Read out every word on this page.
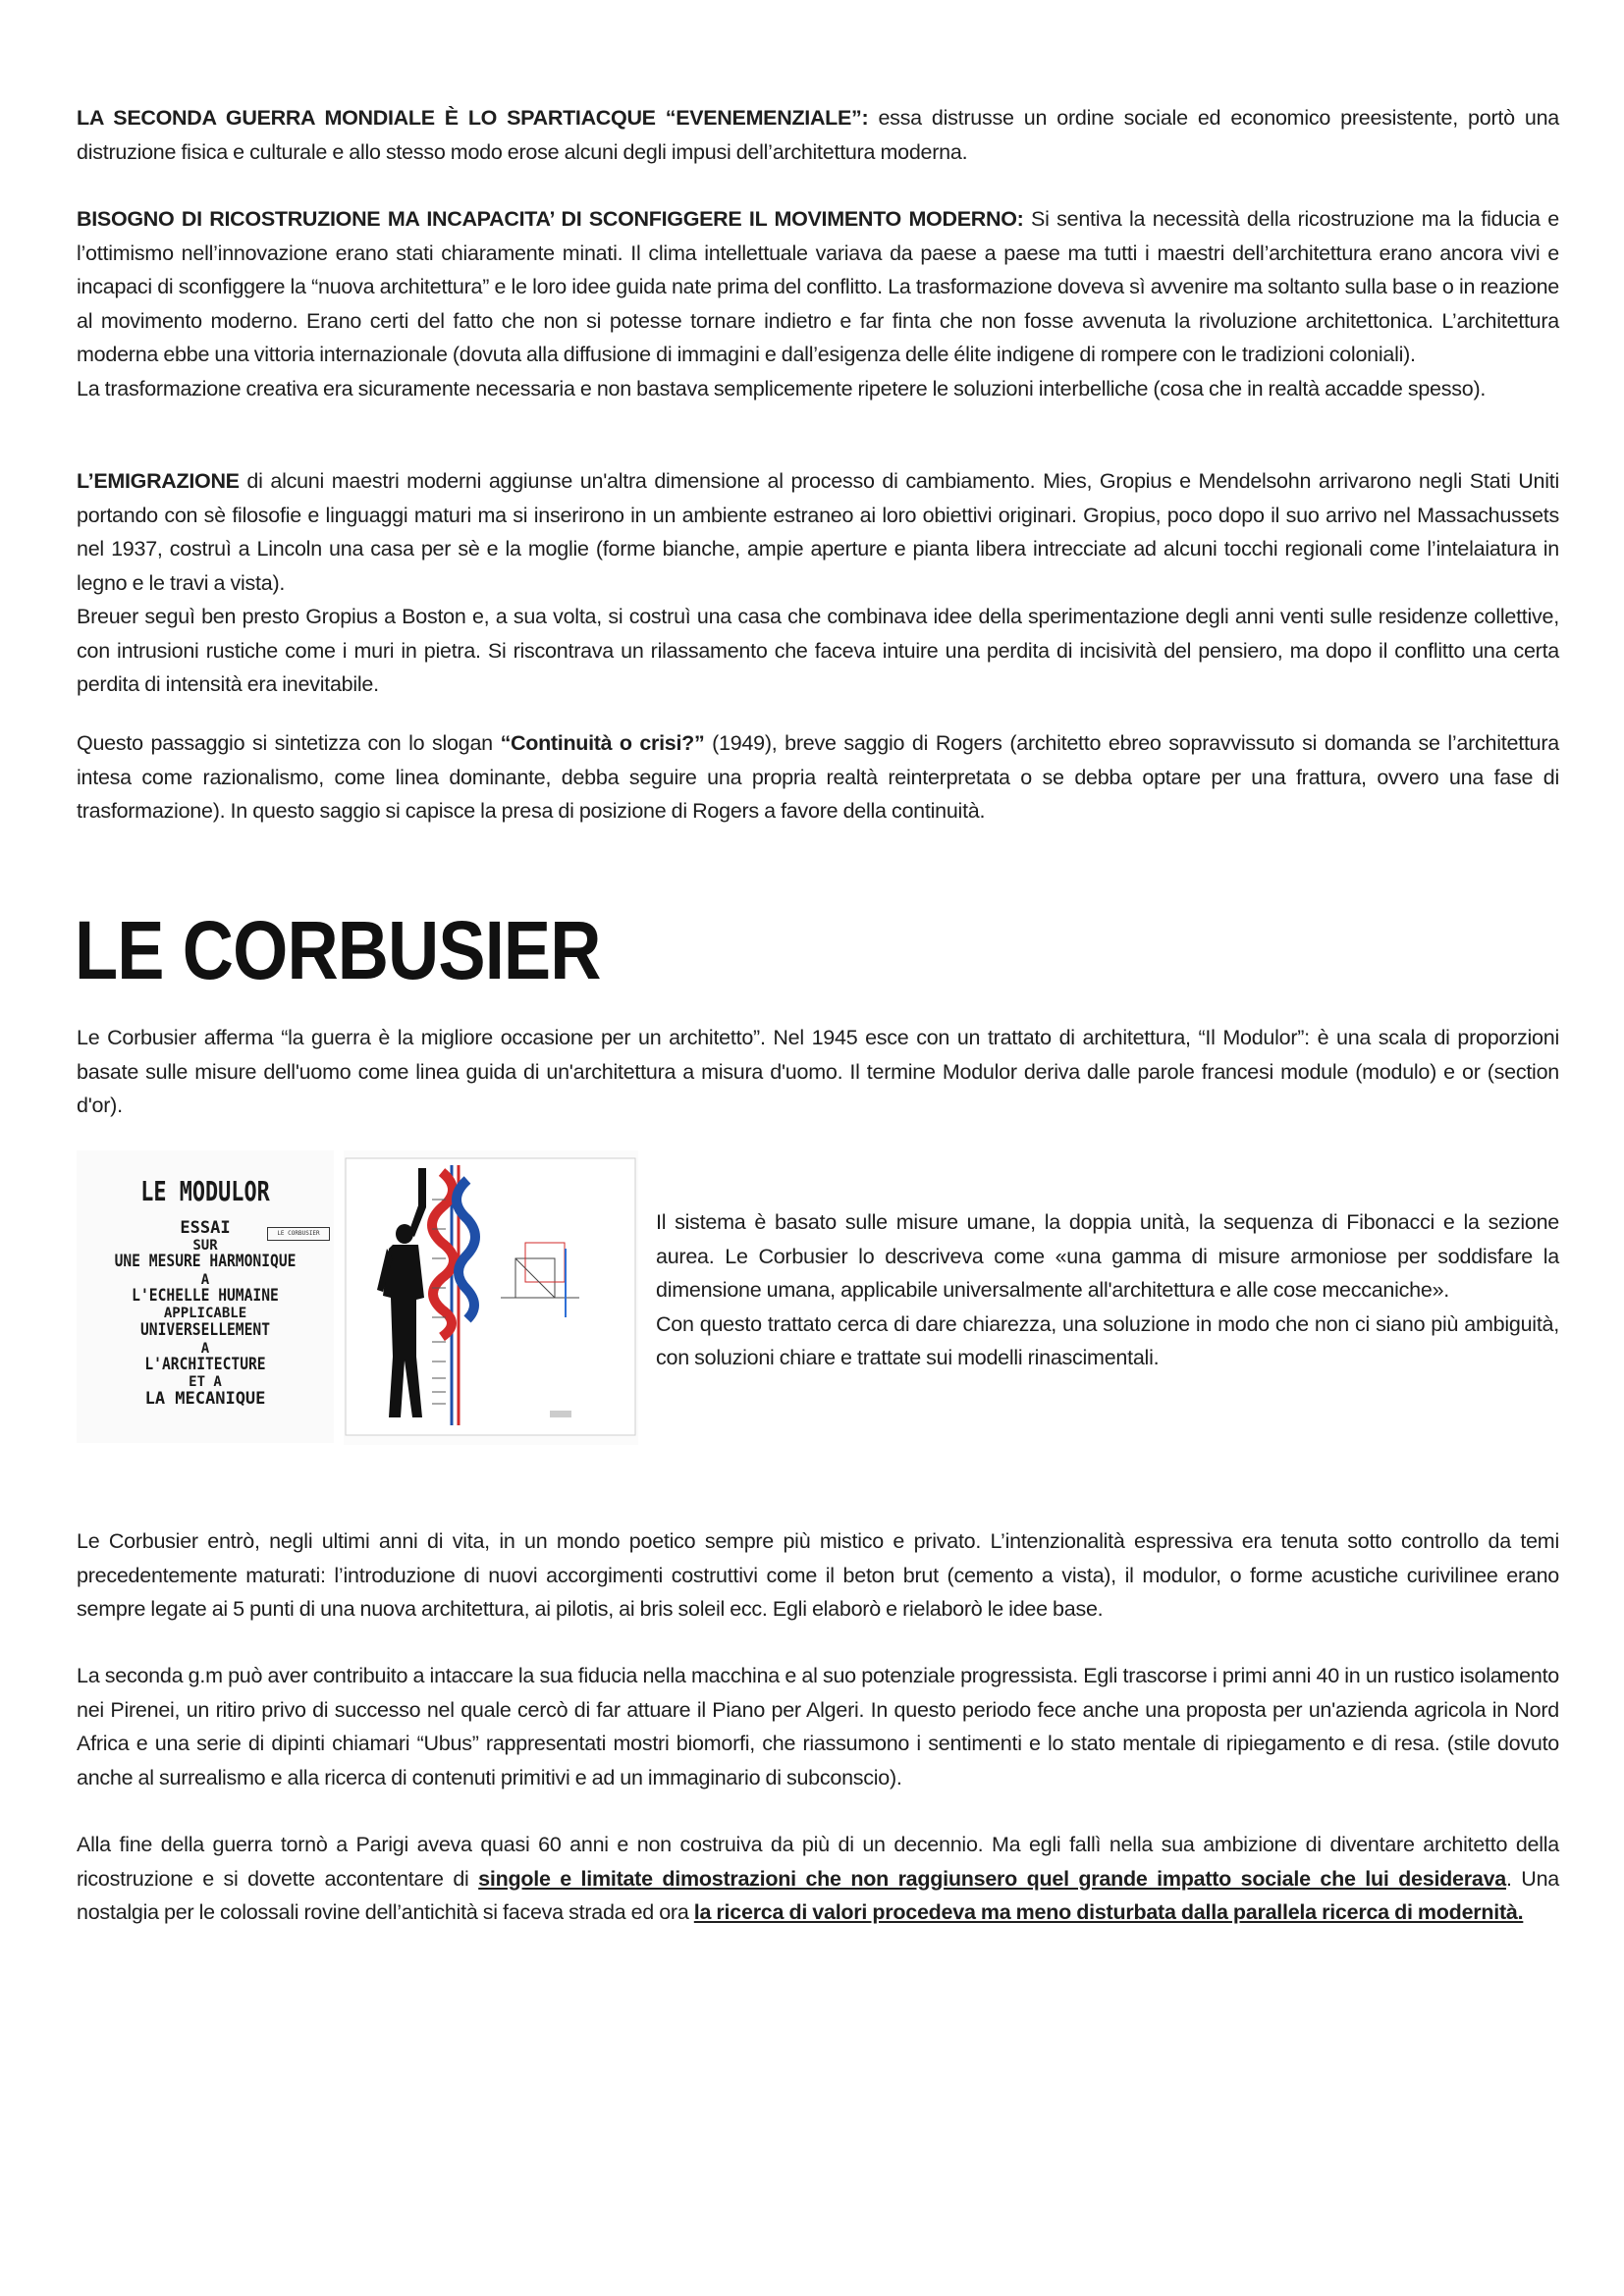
LA SECONDA GUERRA MONDIALE È LO SPARTIACQUE “EVENEMENZIALE”: essa distrusse un ordine sociale ed economico preesistente, portò una distruzione fisica e culturale e allo stesso modo erose alcuni degli impusi dell’architettura moderna.

BISOGNO DI RICOSTRUZIONE MA INCAPACITA’ DI SCONFIGGERE IL MOVIMENTO MODERNO: Si sentiva la necessità della ricostruzione ma la fiducia e l’ottimismo nell’innovazione erano stati chiaramente minati. Il clima intellettuale variava da paese a paese ma tutti i maestri dell’architettura erano ancora vivi e incapaci di sconfiggere la “nuova architettura” e le loro idee guida nate prima del conflitto. La trasformazione doveva sì avvenire ma soltanto sulla base o in reazione al movimento moderno. Erano certi del fatto che non si potesse tornare indietro e far finta che non fosse avvenuta la rivoluzione architettonica. L’architettura moderna ebbe una vittoria internazionale (dovuta alla diffusione di immagini e dall’esigenza delle élite indigene di rompere con le tradizioni coloniali).
La trasformazione creativa era sicuramente necessaria e non bastava semplicemente ripetere le soluzioni interbelliche (cosa che in realtà accadde spesso).

L’EMIGRAZIONE di alcuni maestri moderni aggiunse un'altra dimensione al processo di cambiamento. Mies, Gropius e Mendelsohn arrivarono negli Stati Uniti portando con sè filosofie e linguaggi maturi ma si inserirono in un ambiente estraneo ai loro obiettivi originari. Gropius, poco dopo il suo arrivo nel Massachussets nel 1937, costruì a Lincoln una casa per sè e la moglie (forme bianche, ampie aperture e pianta libera intrecciate ad alcuni tocchi regionali come l’intelaiatura in legno e le travi a vista).
Breuer seguì ben presto Gropius a Boston e, a sua volta, si costruì una casa che combinava idee della sperimentazione degli anni venti sulle residenze collettive, con intrusioni rustiche come i muri in pietra. Si riscontrava un rilassamento che faceva intuire una perdita di incisività del pensiero, ma dopo il conflitto una certa perdita di intensità era inevitabile.

Questo passaggio si sintetizza con lo slogan “Continuità o crisi?” (1949), breve saggio di Rogers (architetto ebreo sopravvissuto si domanda se l’architettura intesa come razionalismo, come linea dominante, debba seguire una propria realtà reinterpretata o se debba optare per una frattura, ovvero una fase di trasformazione). In questo saggio si capisce la presa di posizione di Rogers a favore della continuità.

LE CORBUSIER

Le Corbusier afferma “la guerra è la migliore occasione per un architetto”. Nel 1945 esce con un trattato di architettura, “Il Modulor”: è una scala di proporzioni basate sulle misure dell'uomo come linea guida di un'architettura a misura d'uomo. Il termine Modulor deriva dalle parole francesi module (modulo) e or (section d'or).

LE MODULOR
LE CORBUSIER
ESSAI
SUR
UNE MESURE HARMONIQUE
A
L'ECHELLE HUMAINE
APPLICABLE
UNIVERSELLEMENT
A
L'ARCHITECTURE
ET A
LA MECANIQUE

Il sistema è basato sulle misure umane, la doppia unità, la sequenza di Fibonacci e la sezione aurea. Le Corbusier lo descriveva come «una gamma di misure armoniose per soddisfare la dimensione umana, applicabile universalmente all'architettura e alle cose meccaniche».
Con questo trattato cerca di dare chiarezza, una soluzione in modo che non ci siano più ambiguità, con soluzioni chiare e trattate sui modelli rinascimentali.

Le Corbusier entrò, negli ultimi anni di vita, in un mondo poetico sempre più mistico e privato. L’intenzionalità espressiva era tenuta sotto controllo da temi precedentemente maturati: l’introduzione di nuovi accorgimenti costruttivi come il beton brut (cemento a vista), il modulor, o forme acustiche curivilinee erano sempre legate ai 5 punti di una nuova architettura, ai pilotis, ai bris soleil ecc. Egli elaborò e rielaborò le idee base.

La seconda g.m può aver contribuito a intaccare la sua fiducia nella macchina e al suo potenziale progressista. Egli trascorse i primi anni 40 in un rustico isolamento nei Pirenei, un ritiro privo di successo nel quale cercò di far attuare il Piano per Algeri. In questo periodo fece anche una proposta per un'azienda agricola in Nord Africa e una serie di dipinti chiamari “Ubus” rappresentati mostri biomorfi, che riassumono i sentimenti e lo stato mentale di ripiegamento e di resa. (stile dovuto anche al surrealismo e alla ricerca di contenuti primitivi e ad un immaginario di subconscio).

Alla fine della guerra tornò a Parigi aveva quasi 60 anni e non costruiva da più di un decennio. Ma egli fallì nella sua ambizione di diventare architetto della ricostruzione e si dovette accontentare di singole e limitate dimostrazioni che non raggiunsero quel grande impatto sociale che lui desiderava. Una nostalgia per le colossali rovine dell’antichità si faceva strada ed ora la ricerca di valori procedeva ma meno disturbata dalla parallela ricerca di modernità.
